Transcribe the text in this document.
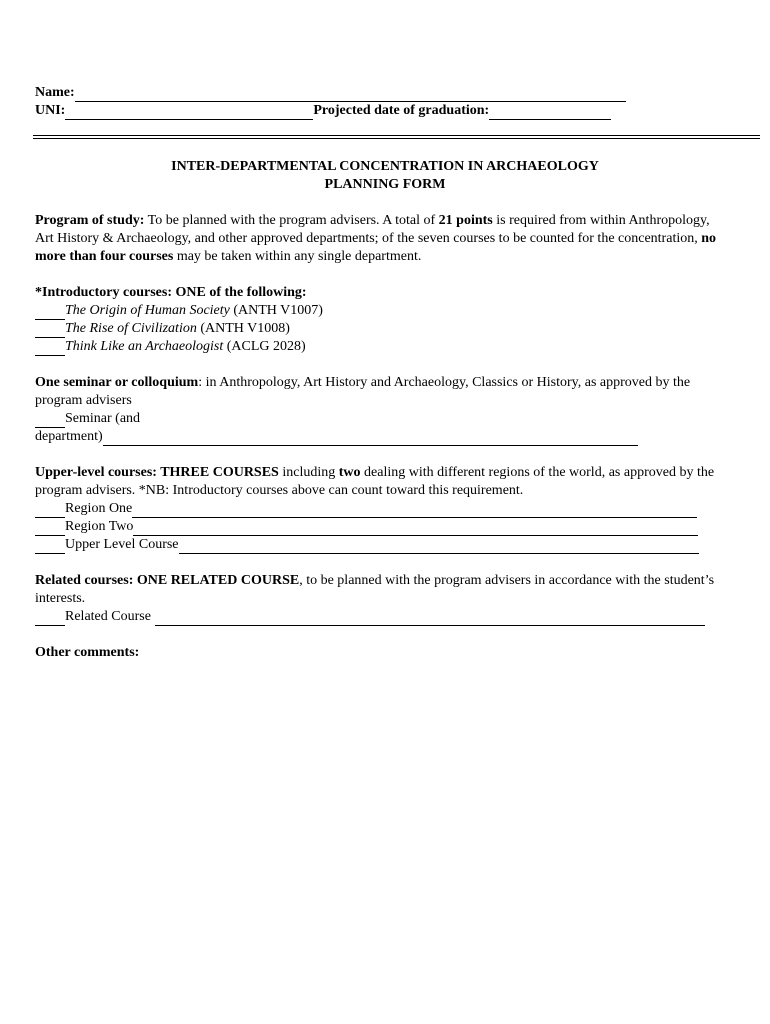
Name:
UNI:	Projected date of graduation:
INTER-DEPARTMENTAL CONCENTRATION IN ARCHAEOLOGY
PLANNING FORM

Program of study: To be planned with the program advisers. A total of 21 points is required from within Anthropology, Art History & Archaeology, and other approved departments; of the seven courses to be counted for the concentration, no more than four courses may be taken within any single department.

*Introductory courses: ONE of the following:

The Origin of Human Society (ANTH V1007)
The Rise of Civilization (ANTH V1008)
Think Like an Archaeologist (ACLG 2028)

One seminar or colloquium: in Anthropology, Art History and Archaeology, Classics or History, as approved by the program advisers

Seminar (and
department)

Upper-level courses: THREE COURSES including two dealing with different regions of the world, as approved by the program advisers. *NB: Introductory courses above can count toward this requirement.

Region One
Region Two
Upper Level Course

Related courses: ONE RELATED COURSE, to be planned with the program advisers in accordance with the student’s interests.

Related Course

Other comments:
